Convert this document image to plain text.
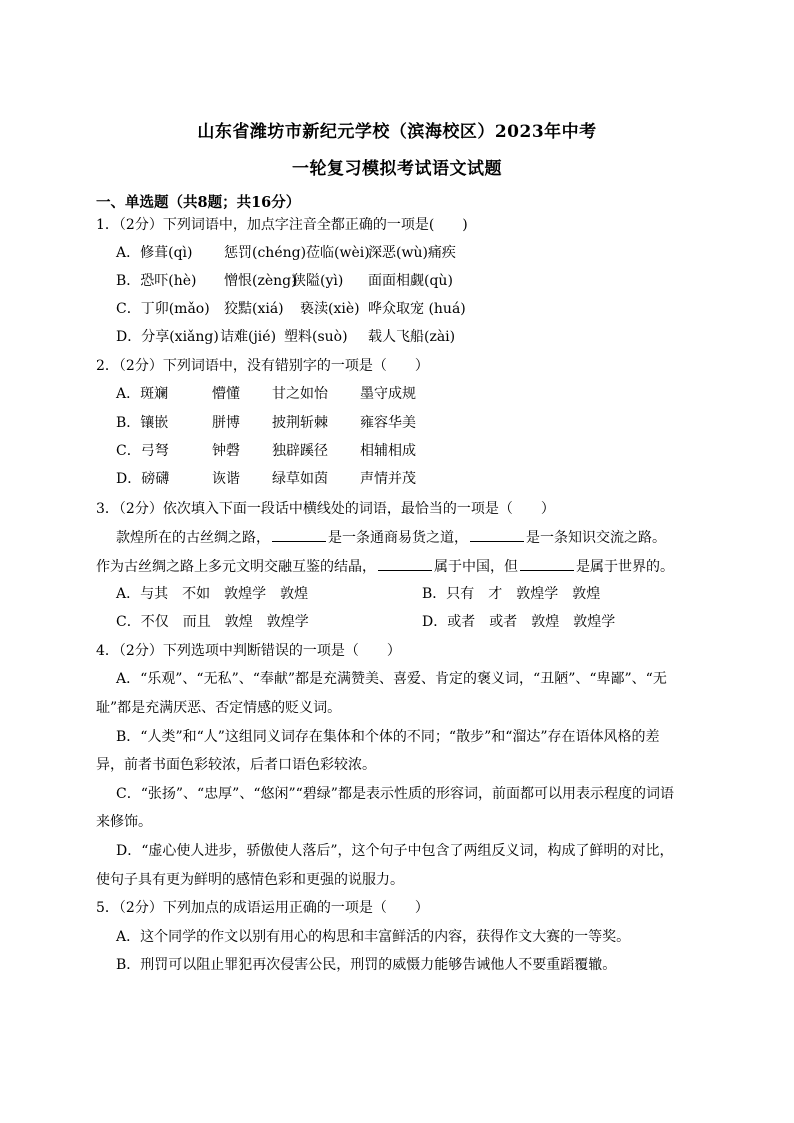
山东省潍坊市新纪元学校（滨海校区）2023年中考
一轮复习模拟考试语文试题
一、单选题（共8题；共16分）
1．（2分）下列词语中，加点字注音全都正确的一项是(　　)
A．修葺(qì) 惩罚(chéng)莅临(wèi)深恶(wù)痛疾
B．恐吓(hè) 憎恨(zèng)狭隘(yì) 面面相觑(qù)
C．丁卯(mǎo) 狡黠(xiá) 亵渎(xiè) 哗众取宠 (huá)
D．分享(xiǎng)诘难(jié) 塑料(suò) 载人飞船(zài)
2．（2分）下列词语中，没有错别字的一项是（　　）
A．斑斓	懵懂 甘之如怡 墨守成规
B．镶嵌	胼博 披荆斩棘 雍容华美
C．弓弩	钟磬 独辟蹊径 相辅相成
D．磅礴	诙谐 绿草如茵 声情并茂
3．（2分）依次填入下面一段话中横线处的词语，最恰当的一项是（　　）
款煌所在的古丝绸之路，	是一条通商易货之道，	是一条知识交流之路。
作为古丝绸之路上多元文明交融互鉴的结晶，	属于中国，但	是属于世界的。
A．与其　不如　敦煌学　敦煌	B．只有　才　敦煌学　敦煌
C．不仅　而且　敦煌　敦煌学	D．或者　或者　敦煌　敦煌学
4．（2分）下列选项中判断错误的一项是（　　）
A．“乐观”、“无私”、“奉献”都是充满赞美、喜爱、肯定的褒义词，“丑陋”、“卑鄙”、“无
耻”都是充满厌恶、否定情感的贬义词。
B．“人类”和“人”这组同义词存在集体和个体的不同；“散步”和“溜达”存在语体风格的差
异，前者书面色彩较浓，后者口语色彩较浓。
C．“张扬”、“忠厚”、“悠闲”“碧绿”都是表示性质的形容词，前面都可以用表示程度的词语
来修饰。
D．“虚心使人进步，骄傲使人落后”，这个句子中包含了两组反义词，构成了鲜明的对比，
使句子具有更为鲜明的感情色彩和更强的说服力。
5．（2分）下列加点的成语运用正确的一项是（　　）
A．这个同学的作文以别有用心的构思和丰富鲜活的内容，获得作文大赛的一等奖。
B．刑罚可以阻止罪犯再次侵害公民，刑罚的威慑力能够告诫他人不要重蹈覆辙。
